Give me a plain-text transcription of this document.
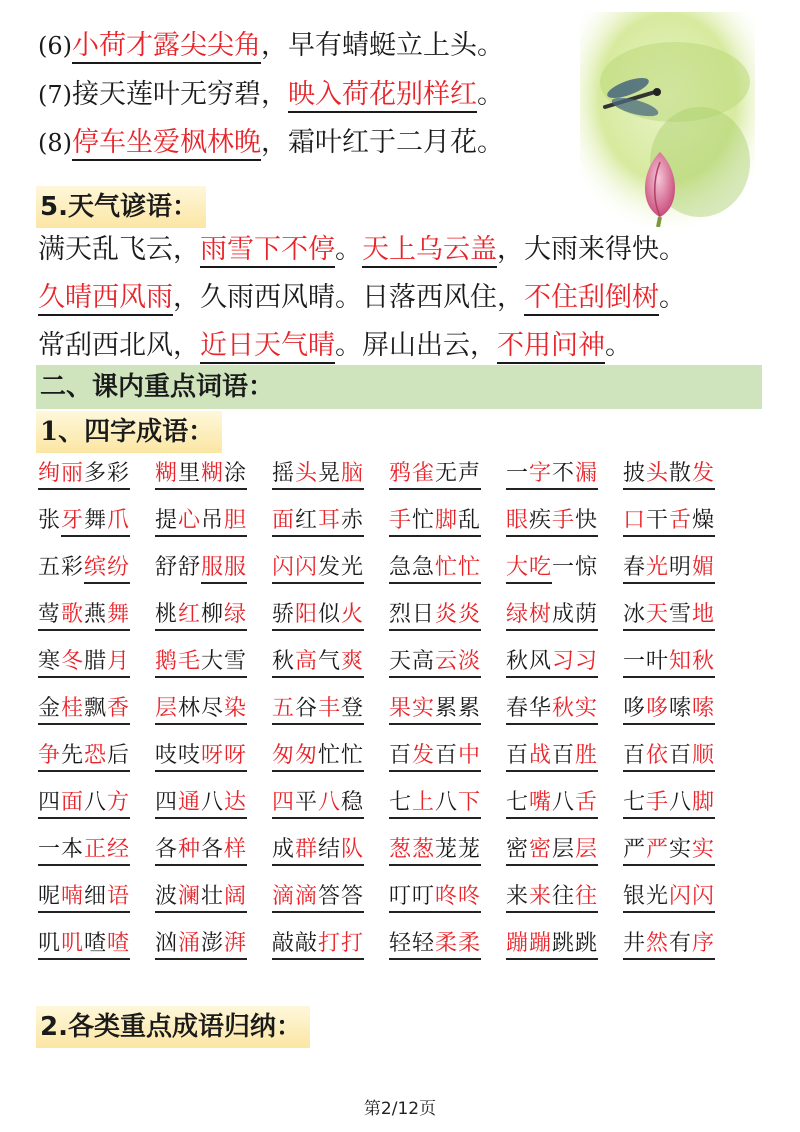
(6)小荷才露尖尖角，早有蜻蜓立上头。
(7)接天莲叶无穷碧，映入荷花别样红。
(8)停车坐爱枫林晚，霜叶红于二月花。
5.天气谚语：
满天乱飞云，雨雪下不停。天上乌云盖，大雨来得快。
久晴西风雨，久雨西风晴。日落西风住，不住刮倒树。
常刮西北风，近日天气晴。屏山出云，不用问神。
二、课内重点词语：
1、四字成语：
绚丽多彩	糊里糊涂	摇头晃脑	鸦雀无声	一字不漏	披头散发
张牙舞爪	提心吊胆	面红耳赤	手忙脚乱	眼疾手快	口干舌燥
五彩缤纷	舒舒服服	闪闪发光	急急忙忙	大吃一惊	春光明媚
莺歌燕舞	桃红柳绿	骄阳似火	烈日炎炎	绿树成荫	冰天雪地
寒冬腊月	鹅毛大雪	秋高气爽	天高云淡	秋风习习	一叶知秋
金桂飘香	层林尽染	五谷丰登	果实累累	春华秋实	哆哆嗦嗦
争先恐后	吱吱呀呀	匆匆忙忙	百发百中	百战百胜	百依百顺
四面八方	四通八达	四平八稳	七上八下	七嘴八舌	七手八脚
一本正经	各种各样	成群结队	葱葱茏茏	密密层层	严严实实
呢喃细语	波澜壮阔	滴滴答答	叮叮咚咚	来来往往	银光闪闪
叽叽喳喳	汹涌澎湃	敲敲打打	轻轻柔柔	蹦蹦跳跳	井然有序
2.各类重点成语归纳：
第2/12页
